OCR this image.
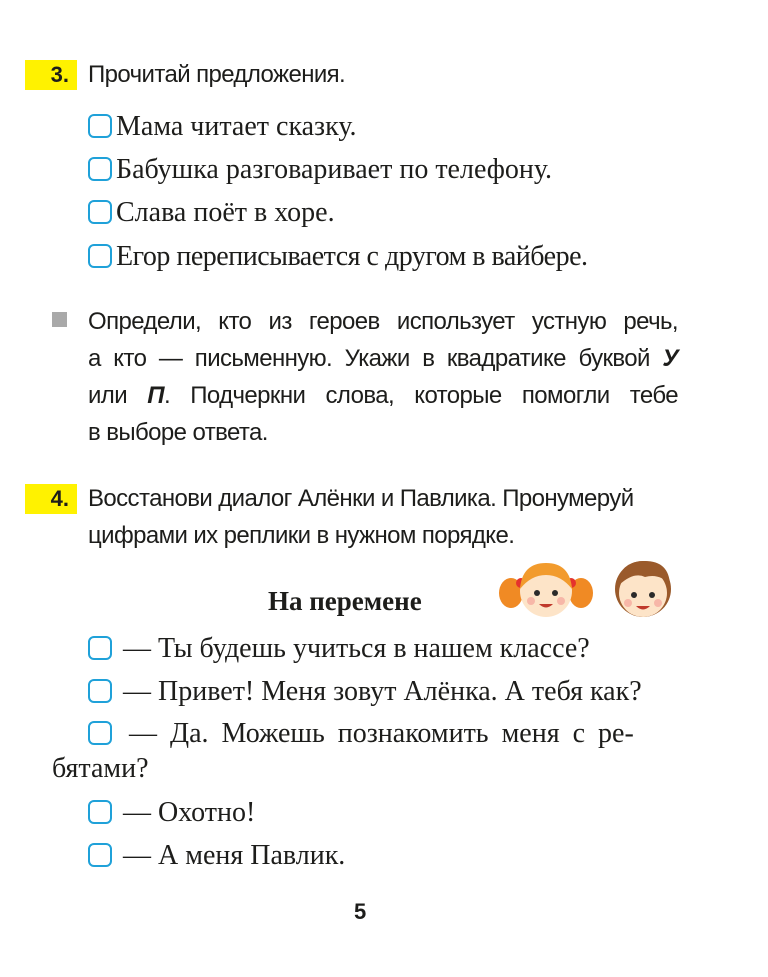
3. Прочитай предложения.
Мама читает сказку.
Бабушка разговаривает по телефону.
Слава поёт в хоре.
Егор переписывается с другом в вайбере.
Определи, кто из героев использует устную речь,
а кто — письменную. Укажи в квадратике буквой У
или П. Подчеркни слова, которые помогли тебе
в выборе ответа.
4. Восстанови диалог Алёнки и Павлика. Пронумеруй
цифрами их реплики в нужном порядке.
На перемене
— Ты будешь учиться в нашем классе?
— Привет! Меня зовут Алёнка. А тебя как?
— Да. Можешь познакомить меня с ре-
бятами?
— Охотно!
— А меня Павлик.
5
